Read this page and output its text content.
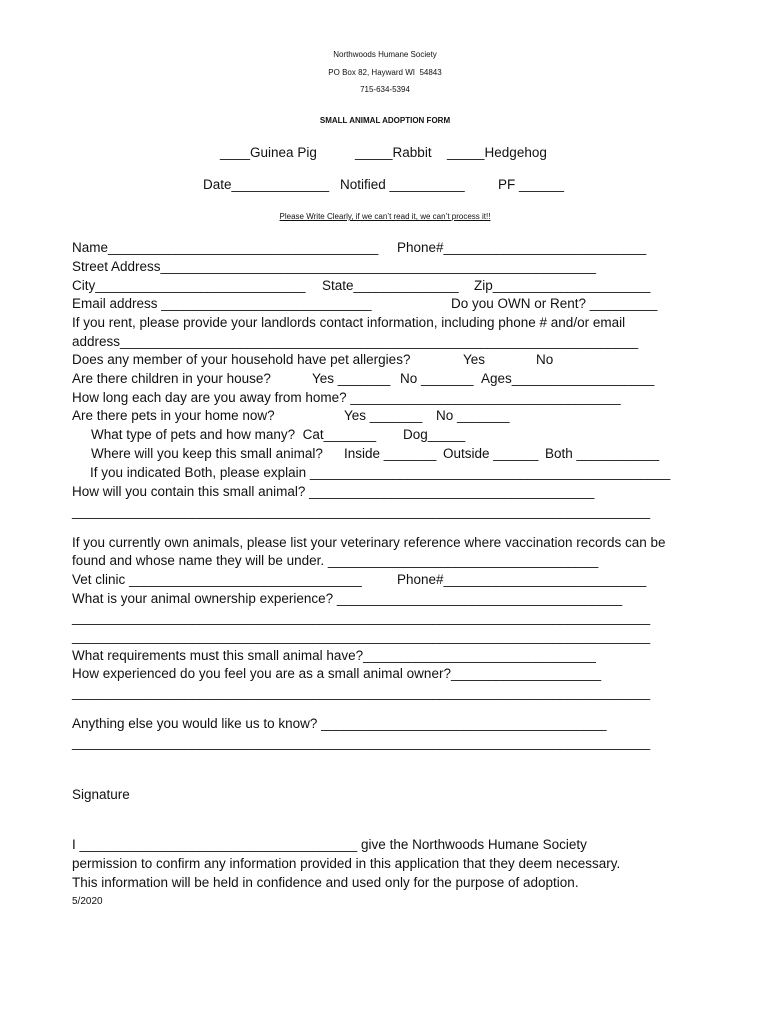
Northwoods Humane Society
PO Box 82, Hayward WI  54843
715-634-5394
SMALL ANIMAL ADOPTION FORM
____Guinea Pig	_____Rabbit _____Hedgehog
Date_____________ Notified __________ PF ______
Please Write Clearly, if we can’t read it, we can’t process it!!
Name____________________________________ Phone#___________________________
Street Address__________________________________________________________
City____________________________ State______________ Zip_____________________
Email address ____________________________	Do you OWN or Rent? _________
If you rent, please provide your landlords contact information, including phone # and/or email
address_____________________________________________________________________
Does any member of your household have pet allergies?	Yes	No
Are there children in your house?	Yes _______ No _______ Ages___________________
How long each day are you away from home? ____________________________________
Are there pets in your home now?	Yes _______ No _______
What type of pets and how many?  Cat_______ Dog_____
Where will you keep this small animal? Inside _______ Outside ______ Both ___________
If you indicated Both, please explain ________________________________________________
How will you contain this small animal? ______________________________________
_____________________________________________________________________________
If you currently own animals, please list your veterinary reference where vaccination records can be
found and whose name they will be under. ____________________________________
Vet clinic _______________________________	Phone#___________________________
What is your animal ownership experience? ______________________________________
_____________________________________________________________________________
_____________________________________________________________________________
What requirements must this small animal have?_______________________________
How experienced do you feel you are as a small animal owner?____________________
_____________________________________________________________________________
Anything else you would like us to know? ______________________________________
_____________________________________________________________________________
Signature
I _____________________________________ give the Northwoods Humane Society
permission to confirm any information provided in this application that they deem necessary.
This information will be held in confidence and used only for the purpose of adoption.
5/2020
